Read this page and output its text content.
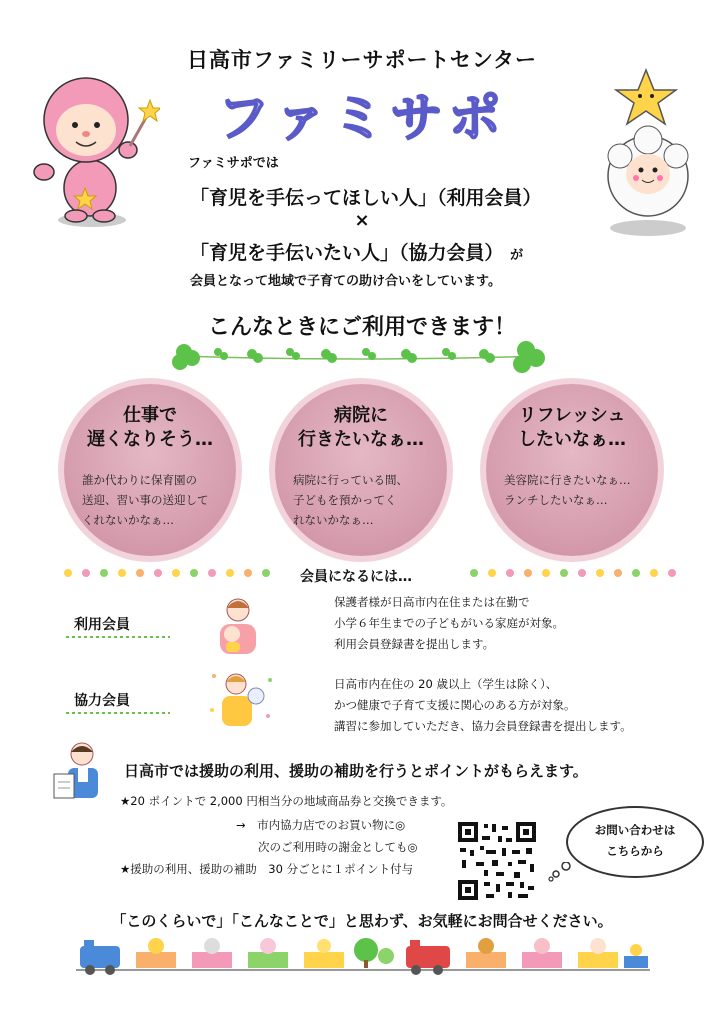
日高市ファミリーサポートセンター
ファミサポ
ファミサポでは
「育児を手伝ってほしい人」（利用会員）
×
「育児を手伝いたい人」（協力会員） が
会員となって地域で子育ての助け合いをしています。
こんなときにご利用できます！
仕事で
遅くなりそう…
誰か代わりに保育園の
送迎、習い事の送迎して
くれないかなぁ…
病院に
行きたいなぁ…
病院に行っている間、
子どもを預かってく
れないかなぁ…
リフレッシュ
したいなぁ…
美容院に行きたいなぁ…
ランチしたいなぁ…
会員になるには…
利用会員
保護者様が日高市内在住または在勤で
小学６年生までの子どもがいる家庭が対象。
利用会員登録書を提出します。
協力会員
日高市内在住の 20 歳以上（学生は除く）、
かつ健康で子育て支援に関心のある方が対象。
講習に参加していただき、協力会員登録書を提出します。
日高市では援助の利用、援助の補助を行うとポイントがもらえます。
★20 ポイントで 2,000 円相当分の地域商品券と交換できます。
→　市内協力店でのお買い物に◎
次のご利用時の謝金としても◎
★援助の利用、援助の補助　30 分ごとに１ポイント付与
お問い合わせは
こちらから
「このくらいで」「こんなことで」と思わず、お気軽にお問合せください。
